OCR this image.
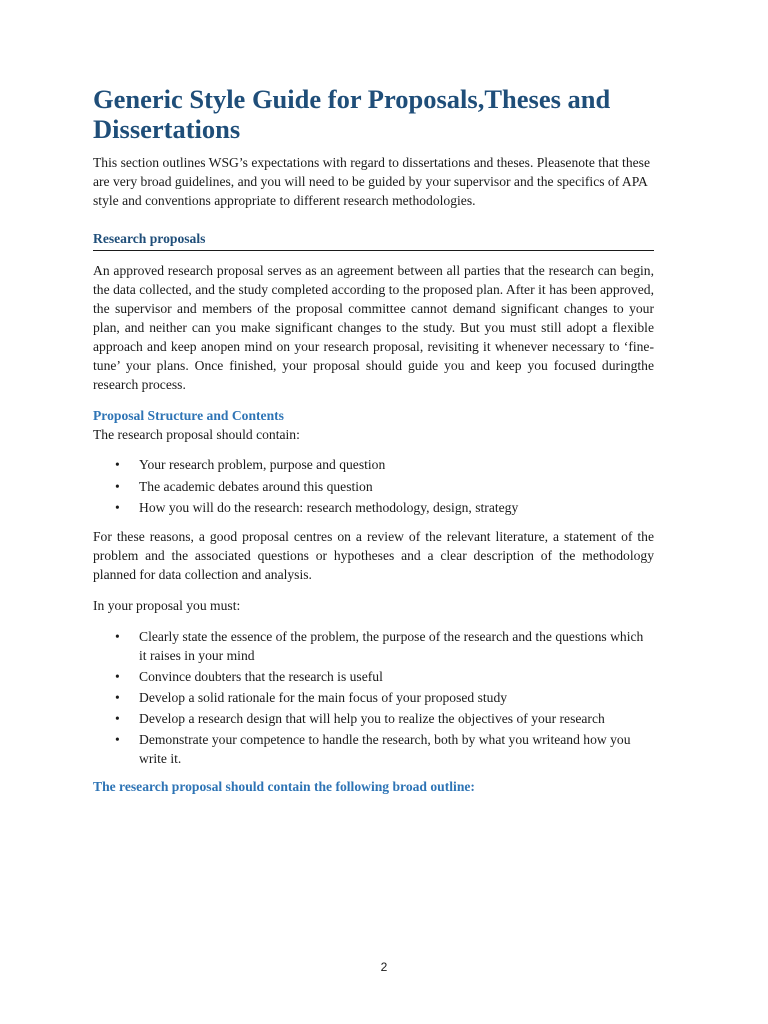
Generic Style Guide for Proposals,Theses and Dissertations

This section outlines WSG’s expectations with regard to dissertations and theses. Pleasenote that these are very broad guidelines, and you will need to be guided by your supervisor and the specifics of APA style and conventions appropriate to different research methodologies.

Research proposals

An approved research proposal serves as an agreement between all parties that the research can begin, the data collected, and the study completed according to the proposed plan. After it has been approved, the supervisor and members of the proposal committee cannot demand significant changes to your plan, and neither can you make significant changes to the study. But you must still adopt a flexible approach and keep anopen mind on your research proposal, revisiting it whenever necessary to ‘fine-tune’ your plans. Once finished, your proposal should guide you and keep you focused duringthe research process.

Proposal Structure and Contents

The research proposal should contain:

• Your research problem, purpose and question
• The academic debates around this question
• How you will do the research: research methodology, design, strategy

For these reasons, a good proposal centres on a review of the relevant literature, a statement of the problem and the associated questions or hypotheses and a clear description of the methodology planned for data collection and analysis.

In your proposal you must:

• Clearly state the essence of the problem, the purpose of the research and the questions which it raises in your mind
• Convince doubters that the research is useful
• Develop a solid rationale for the main focus of your proposed study
• Develop a research design that will help you to realize the objectives of your research
• Demonstrate your competence to handle the research, both by what you writeand how you write it.
The research proposal should contain the following broad outline:
2
